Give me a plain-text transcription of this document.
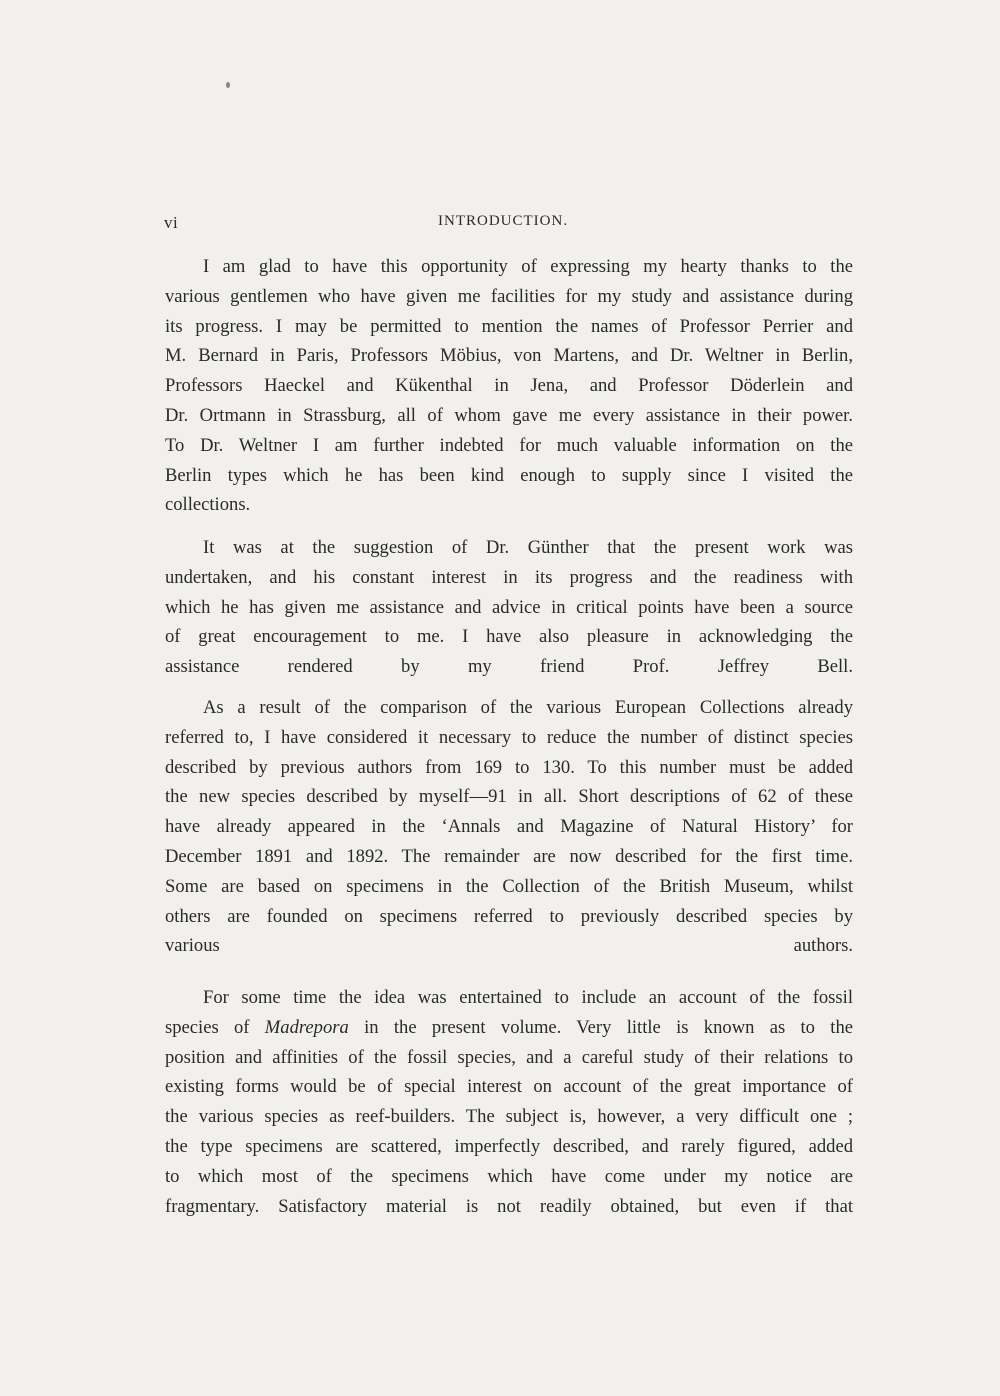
vi	INTRODUCTION.

I am glad to have this opportunity of expressing my hearty thanks to the
various gentlemen who have given me facilities for my study and assistance during
its progress. I may be permitted to mention the names of Professor Perrier and
M. Bernard in Paris, Professors Möbius, von Martens, and Dr. Weltner in Berlin,
Professors Haeckel and Kükenthal in Jena, and Professor Döderlein and
Dr. Ortmann in Strassburg, all of whom gave me every assistance in their power.
To Dr. Weltner I am further indebted for much valuable information on the
Berlin types which he has been kind enough to supply since I visited the
collections.

It was at the suggestion of Dr. Günther that the present work was
undertaken, and his constant interest in its progress and the readiness with
which he has given me assistance and advice in critical points have been a source
of great encouragement to me. I have also pleasure in acknowledging the
assistance rendered by my friend Prof. Jeffrey Bell.

As a result of the comparison of the various European Collections already
referred to, I have considered it necessary to reduce the number of distinct species
described by previous authors from 169 to 130. To this number must be added
the new species described by myself—91 in all. Short descriptions of 62 of these
have already appeared in the ‘Annals and Magazine of Natural History’ for
December 1891 and 1892. The remainder are now described for the first time.
Some are based on specimens in the Collection of the British Museum, whilst
others are founded on specimens referred to previously described species by
various authors.

For some time the idea was entertained to include an account of the fossil
species of Madrepora in the present volume. Very little is known as to the
position and affinities of the fossil species, and a careful study of their relations to
existing forms would be of special interest on account of the great importance of
the various species as reef-builders. The subject is, however, a very difficult one ;
the type specimens are scattered, imperfectly described, and rarely figured, added
to which most of the specimens which have come under my notice are
fragmentary. Satisfactory material is not readily obtained, but even if that
